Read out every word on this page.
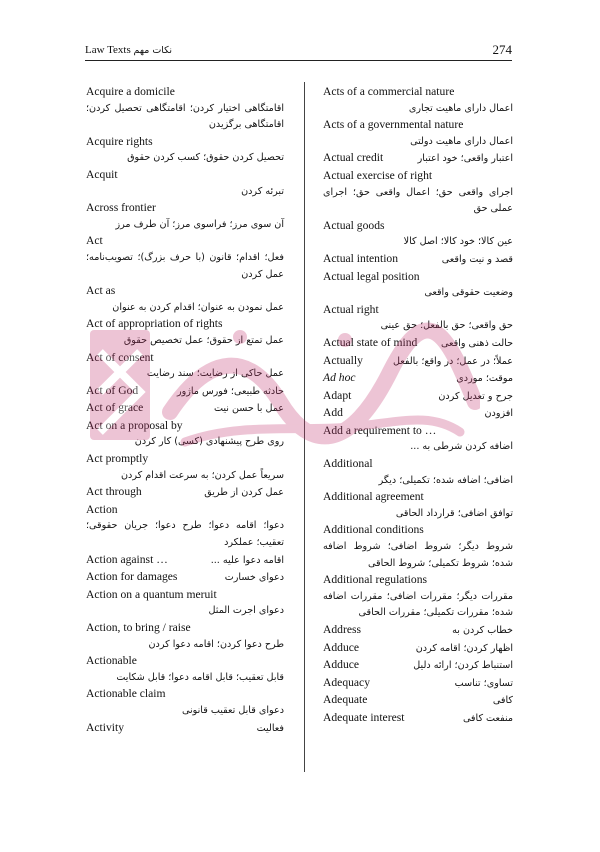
Law Texts نکات مهم	274
Acquire a domicile
اقامتگاهی اختیار کردن؛ اقامتگاهی تحصیل کردن؛ اقامتگاهی برگزیدن
Acquire rights
تحصیل کردن حقوق؛ کسب کردن حقوق
Acquit
تبرئه کردن
Across frontier
آن سوی مرز؛ فراسوی مرز؛ آن طرف مرز
Act
فعل؛ اقدام؛ قانون (با حرف بزرگ)؛ تصویب‌نامه؛ عمل کردن
Act as
عمل نمودن به عنوان؛ اقدام کردن به عنوان
Act of appropriation of rights
عمل تمتع از حقوق؛ عمل تخصیص حقوق
Act of consent
عمل حاکی از رضایت؛ سند رضایت
Act of God	حادثه طبیعی؛ فورس ماژور
Act of grace	عمل با حسن نیت
Act on a proposal by
روی طرح پیشنهادی (کسی) کار کردن
Act promptly
سریعاً عمل کردن؛ به سرعت اقدام کردن
Act through	عمل کردن از طریق
Action
دعوا؛ اقامه دعوا؛ طرح دعوا؛ جریان حقوقی؛ تعقیب؛ عملکرد
Action against …	اقامه دعوا علیه ...
Action for damages	دعوای خسارت
Action on a quantum meruit
دعوای اجرت المثل
Action, to bring / raise
طرح دعوا کردن؛ اقامه دعوا کردن
Actionable
قابل تعقیب؛ قابل اقامه دعوا؛ قابل شکایت
Actionable claim
دعوای قابل تعقیب قانونی
Activity	فعالیت
Acts of a commercial nature
اعمال دارای ماهیت تجاری
Acts of a governmental nature
اعمال دارای ماهیت دولتی
Actual credit	اعتبار واقعی؛ خود اعتبار
Actual exercise of right
اجرای واقعی حق؛ اعمال واقعی حق؛ اجرای عملی حق
Actual goods
عین کالا؛ خود کالا؛ اصل کالا
Actual intention	قصد و نیت واقعی
Actual legal position
وضعیت حقوقی واقعی
Actual right
حق واقعی؛ حق بالفعل؛ حق عینی
Actual state of mind حالت ذهنی واقعی
Actually	عملاً؛ در عمل؛ در واقع؛ بالفعل
Ad hoc	موقت؛ موردی
Adapt	جرح و تعدیل کردن
Add	افزودن
Add a requirement to …
اضافه کردن شرطی به ...
Additional
اضافی؛ اضافه شده؛ تکمیلی؛ دیگر
Additional agreement
توافق اضافی؛ قرارداد الحاقی
Additional conditions
شروط دیگر؛ شروط اضافی؛ شروط اضافه شده؛ شروط تکمیلی؛ شروط الحاقی
Additional regulations
مقررات دیگر؛ مقررات اضافی؛ مقررات اضافه شده؛ مقررات تکمیلی؛ مقررات الحاقی
Address	خطاب کردن به
Adduce	اظهار کردن؛ اقامه کردن
Adduce	استنباط کردن؛ ارائه دلیل
Adequacy	تساوی؛ تناسب
Adequate	کافی
Adequate interest	منفعت کافی
